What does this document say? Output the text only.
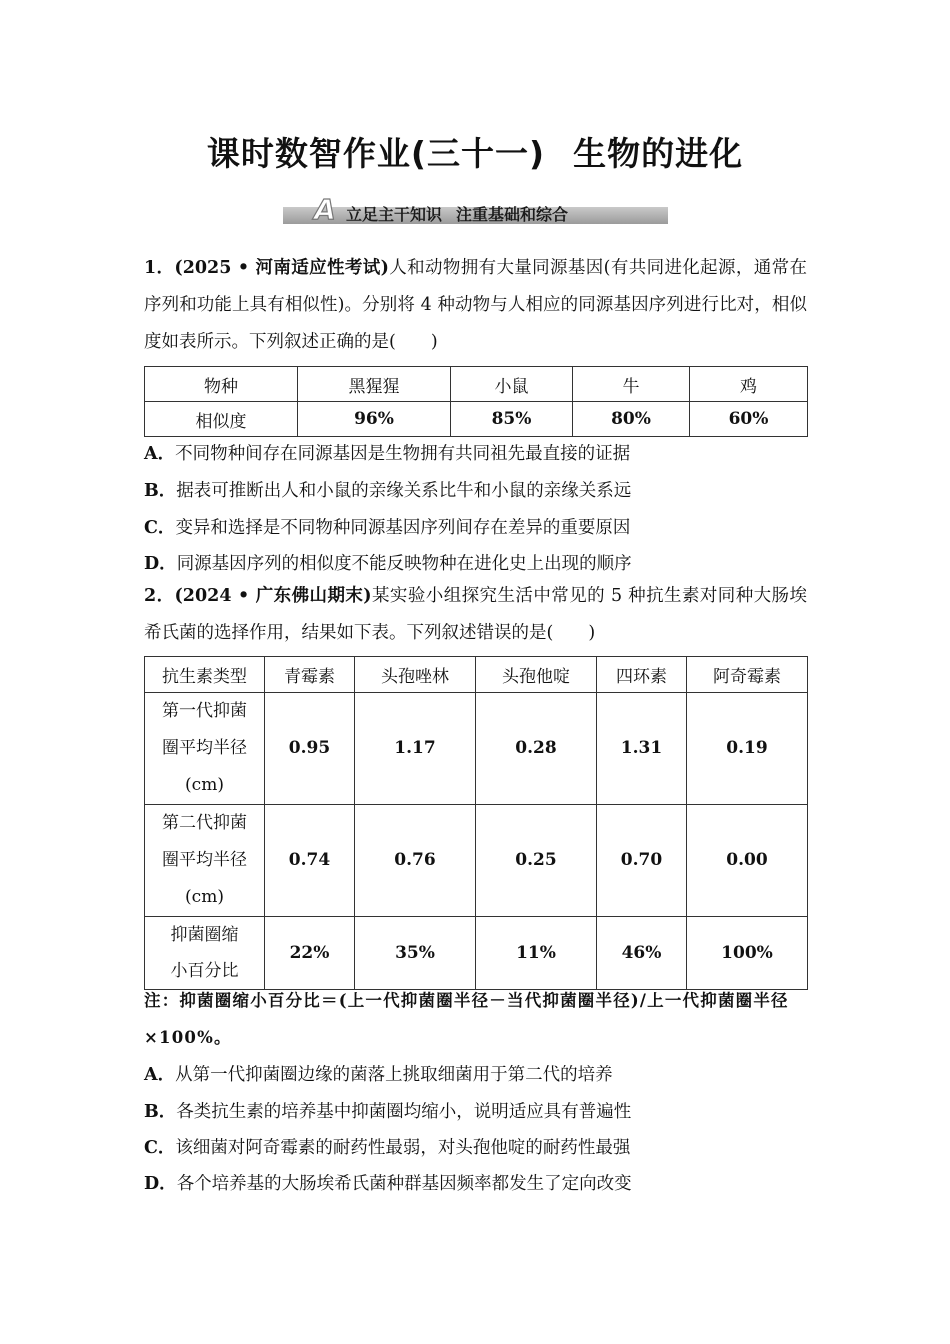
课时数智作业(三十一) 生物的进化
A 立足主干知识 注重基础和综合
1．(2025 • 河南适应性考试)人和动物拥有大量同源基因(有共同进化起源，通常在序列和功能上具有相似性)。分别将 4 种动物与人相应的同源基因序列进行比对，相似度如表所示。下列叙述正确的是(　　)
物种	黑猩猩	小鼠	牛	鸡
相似度	96%	85%	80%	60%
A．不同物种间存在同源基因是生物拥有共同祖先最直接的证据
B．据表可推断出人和小鼠的亲缘关系比牛和小鼠的亲缘关系远
C．变异和选择是不同物种同源基因序列间存在差异的重要原因
D．同源基因序列的相似度不能反映物种在进化史上出现的顺序
2．(2024 • 广东佛山期末)某实验小组探究生活中常见的 5 种抗生素对同种大肠埃希氏菌的选择作用，结果如下表。下列叙述错误的是(　　)
抗生素类型	青霉素	头孢唑林	头孢他啶	四环素	阿奇霉素

第一代抑菌
圈平均半径
(cm)	0.95	1.17	0.28	1.31	0.19

第二代抑菌
圈平均半径
(cm)	0.74	0.76	0.25	0.70	0.00

抑菌圈缩
小百分比	22%	35%	11%	46%	100%
注：抑菌圈缩小百分比＝(上一代抑菌圈半径－当代抑菌圈半径)/上一代抑菌圈半径×100%。
A．从第一代抑菌圈边缘的菌落上挑取细菌用于第二代的培养
B．各类抗生素的培养基中抑菌圈均缩小，说明适应具有普遍性
C．该细菌对阿奇霉素的耐药性最弱，对头孢他啶的耐药性最强
D．各个培养基的大肠埃希氏菌种群基因频率都发生了定向改变
